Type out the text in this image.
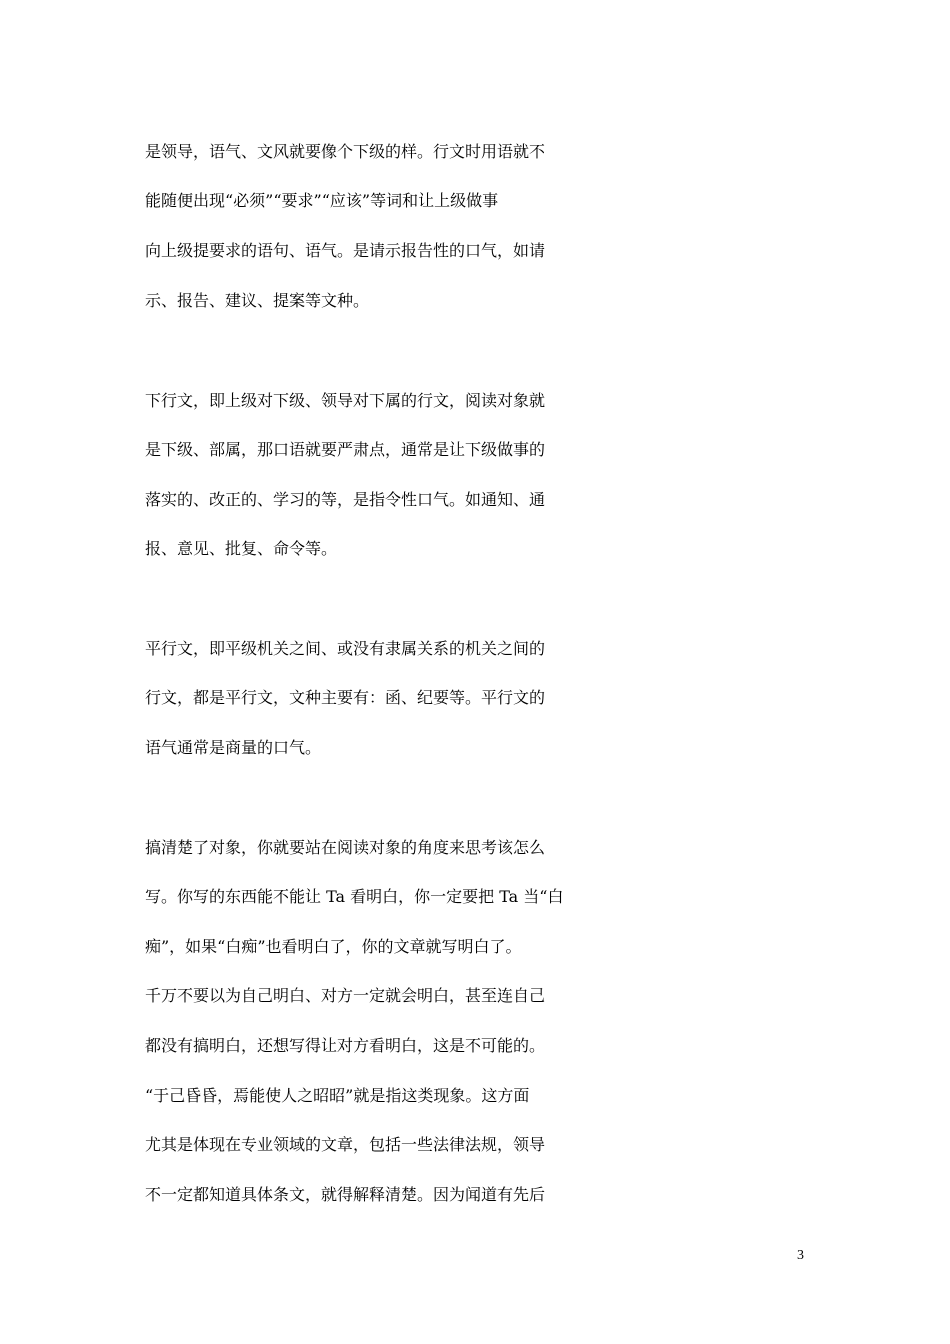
是领导，语气、文风就要像个下级的样。行文时用语就不
能随便出现“必须”“要求”“应该”等词和让上级做事
向上级提要求的语句、语气。是请示报告性的口气，如请
示、报告、建议、提案等文种。
下行文，即上级对下级、领导对下属的行文，阅读对象就
是下级、部属，那口语就要严肃点，通常是让下级做事的
落实的、改正的、学习的等，是指令性口气。如通知、通
报、意见、批复、命令等。
平行文，即平级机关之间、或没有隶属关系的机关之间的
行文，都是平行文，文种主要有：函、纪要等。平行文的
语气通常是商量的口气。
搞清楚了对象，你就要站在阅读对象的角度来思考该怎么
写。你写的东西能不能让 Ta 看明白，你一定要把 Ta 当“白
痴”，如果“白痴”也看明白了，你的文章就写明白了。
千万不要以为自己明白、对方一定就会明白，甚至连自己
都没有搞明白，还想写得让对方看明白，这是不可能的。
“于己昏昏，焉能使人之昭昭”就是指这类现象。这方面
尤其是体现在专业领域的文章，包括一些法律法规，领导
不一定都知道具体条文，就得解释清楚。因为闻道有先后
3
